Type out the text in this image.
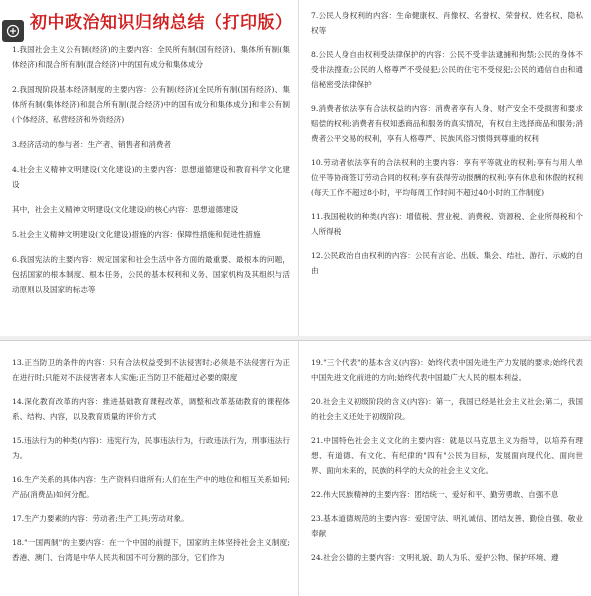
1.我国社会主义公有制(经济)的主要内容：全民所有制(国有经济)、集体所有制(集体经济)和混合所有制(混合经济)中的国有成分和集体成分

2.我国现阶段基本经济制度的主要内容：公有制(经济)[全民所有制(国有经济)、集体所有制(集体经济)和混合所有制(混合经济)中的国有成分和集体成分]和非公有制(个体经济、私营经济和外资经济)

3.经济活动的参与者：生产者、销售者和消费者

4.社会主义精神文明建设(文化建设)的主要内容：思想道德建设和教育科学文化建设

其中，社会主义精神文明建设(文化建设)的核心内容：思想道德建设

5.社会主义精神文明建设(文化建设)措施的内容：保障性措施和促进性措施

6.我国宪法的主要内容：规定国家和社会生活中各方面的最重要、最根本的问题，包括国家的根本制度、根本任务，公民的基本权利和义务、国家机构及其组织与活动原则以及国家的标志等

7.公民人身权利的内容：生命健康权、肖像权、名誉权、荣誉权、姓名权、隐私权等

8.公民人身自由权利受法律保护的内容：公民不受非法逮捕和拘禁;公民的身体不受非法搜查;公民的人格尊严不受侵犯;公民的住宅不受侵犯;公民的通信自由和通信秘密受法律保护

9.消费者依法享有合法权益的内容：消费者享有人身、财产安全不受损害和要求赔偿的权利;消费者有权知悉商品和服务的真实情况，有权自主选择商品和服务;消费者公平交易的权利，享有人格尊严、民族风俗习惯得到尊重的权利

10.劳动者依法享有的合法权利的主要内容：享有平等就业的权利;享有与用人单位平等协商签订劳动合同的权利;享有获得劳动报酬的权利;享有休息和休假的权利(每天工作不超过8小时，平均每周工作时间不超过40小时的工作制度)

11.我国税收的种类(内容)：增值税、营业税、消费税、资源税、企业所得税和个人所得税

12.公民政治自由权利的内容：公民有言论、出版、集会、结社、游行、示威的自由

13.正当防卫的条件的内容：只有合法权益受到不法侵害时;必须是不法侵害行为正在进行时;只能对不法侵害者本人实施;正当防卫不能超过必要的限度

14.深化教育改革的内容：推进基础教育课程改革，调整和改革基础教育的课程体系、结构、内容，以及教育质量的评价方式

15.违法行为的种类(内容)：违宪行为，民事违法行为，行政违法行为，刑事违法行为。

16.生产关系的具体内容：生产资料归谁所有;人们在生产中的地位和相互关系如何;产品(消费品)如何分配。

17.生产力要素的内容：劳动者;生产工具;劳动对象。

18."一国两制"的主要内容：在一个中国的前提下，国家的主体坚持社会主义制度;香港、澳门、台湾是中华人民共和国不可分割的部分，它们作为

19."三个代表"的基本含义(内容)：始终代表中国先进生产力发展的要求;始终代表中国先进文化前进的方向;始终代表中国最广大人民的根本利益。

20.社会主义初级阶段的含义(内容)：第一，我国已经是社会主义社会;第二，我国的社会主义还处于初级阶段。

21.中国特色社会主义文化的主要内容：就是以马克思主义为指导，以培养有理想、有道德、有文化、有纪律的"四有"公民为目标，发展面向现代化、面向世界、面向未来的，民族的科学的大众的社会主义文化。

22.伟大民族精神的主要内容：团结统一、爱好和平、勤劳勇敢、自强不息

23.基本道德规范的主要内容：爱国守法、明礼诚信、团结友善、勤俭自强、敬业奉献

24.社会公德的主要内容：文明礼貌、助人为乐、爱护公物、保护环境、遵

初中政治知识归纳总结（打印版）
